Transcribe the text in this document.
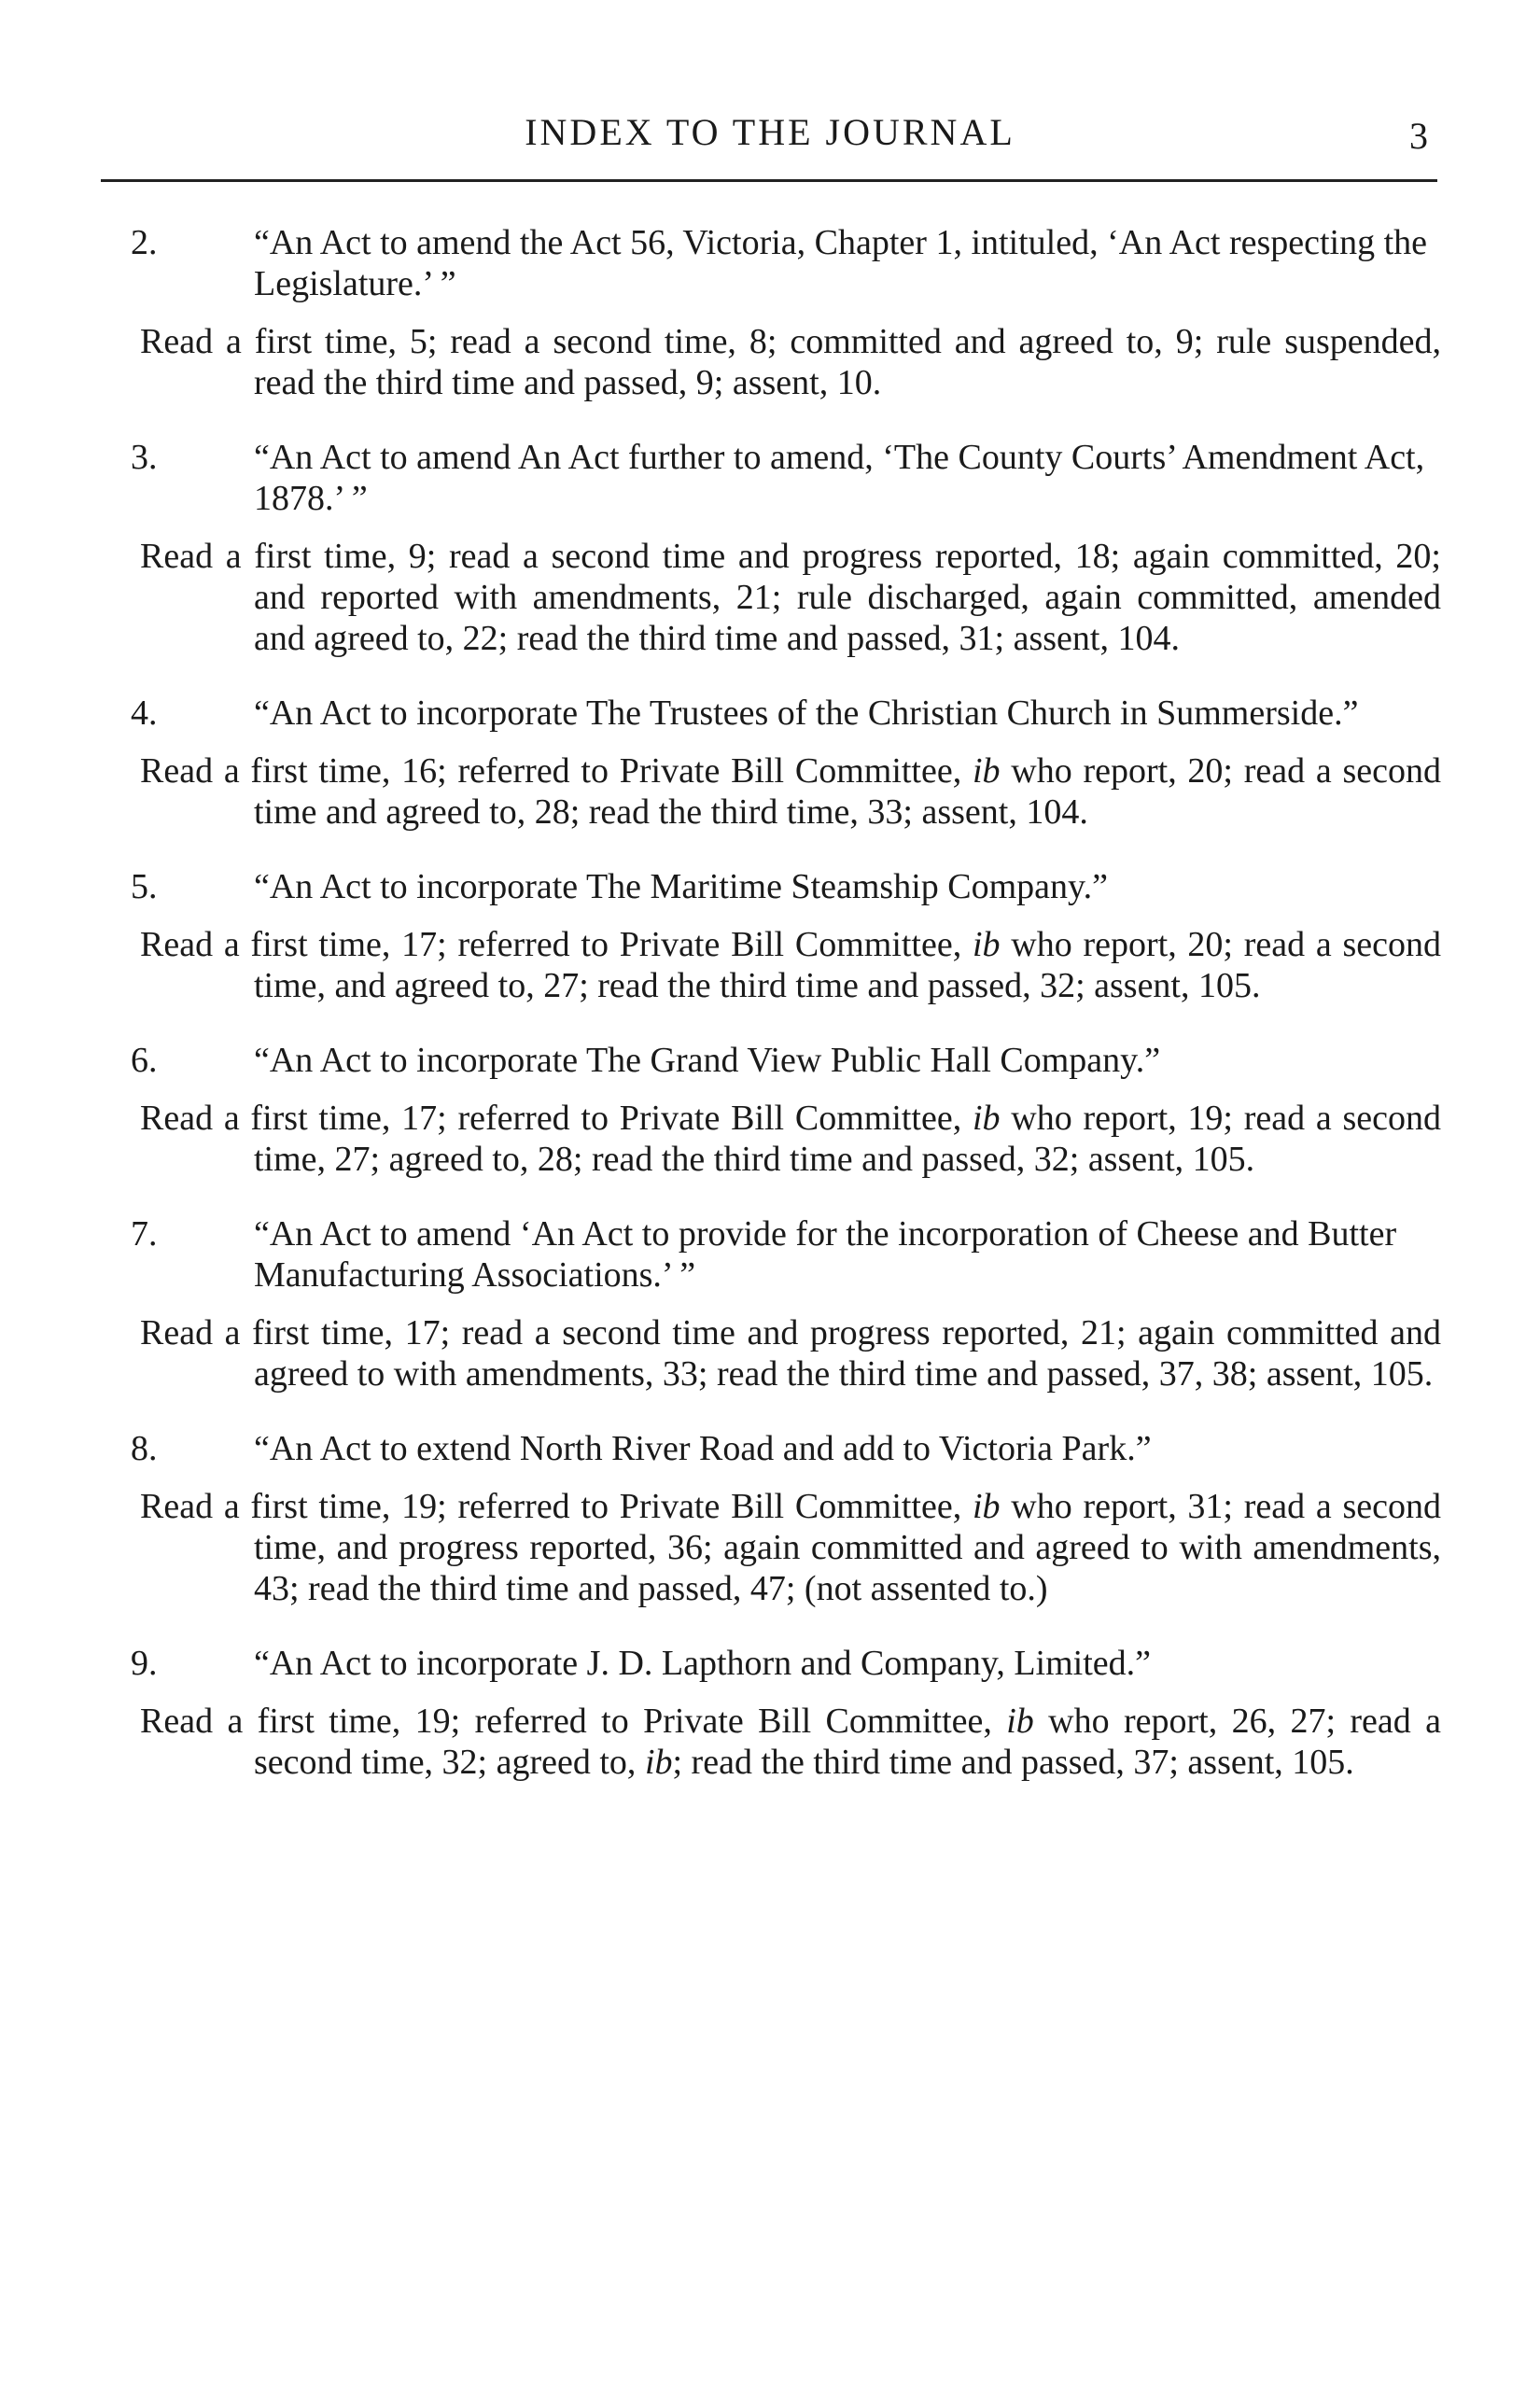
INDEX TO THE JOURNAL	3
2.	“An Act to amend the Act 56, Victoria, Chapter 1, intituled, ‘An Act respecting the Legislature.’ ”
Read a first time, 5; read a second time, 8; committed and agreed to, 9; rule suspended, read the third time and passed, 9; assent, 10.
3.	“An Act to amend An Act further to amend, ‘The County Courts’ Amendment Act, 1878.’ ”
Read a first time, 9; read a second time and progress reported, 18; again committed, 20; and reported with amendments, 21; rule discharged, again committed, amended and agreed to, 22; read the third time and passed, 31; assent, 104.
4.	“An Act to incorporate The Trustees of the Christian Church in Summerside.”
Read a first time, 16; referred to Private Bill Committee, ib who report, 20; read a second time and agreed to, 28; read the third time, 33; assent, 104.
5.	“An Act to incorporate The Maritime Steamship Company.”
Read a first time, 17; referred to Private Bill Committee, ib who report, 20; read a second time, and agreed to, 27; read the third time and passed, 32; assent, 105.
6.	“An Act to incorporate The Grand View Public Hall Company.”
Read a first time, 17; referred to Private Bill Committee, ib who report, 19; read a second time, 27; agreed to, 28; read the third time and passed, 32; assent, 105.
7.	“An Act to amend ‘An Act to provide for the incorporation of Cheese and Butter Manufacturing Associations.’ ”
Read a first time, 17; read a second time and progress reported, 21; again committed and agreed to with amendments, 33; read the third time and passed, 37, 38; assent, 105.
8.	“An Act to extend North River Road and add to Victoria Park.”
Read a first time, 19; referred to Private Bill Committee, ib who report, 31; read a second time, and progress reported, 36; again committed and agreed to with amendments, 43; read the third time and passed, 47; (not assented to.)
9.	“An Act to incorporate J. D. Lapthorn and Company, Limited.”
Read a first time, 19; referred to Private Bill Committee, ib who report, 26, 27; read a second time, 32; agreed to, ib; read the third time and passed, 37; assent, 105.
